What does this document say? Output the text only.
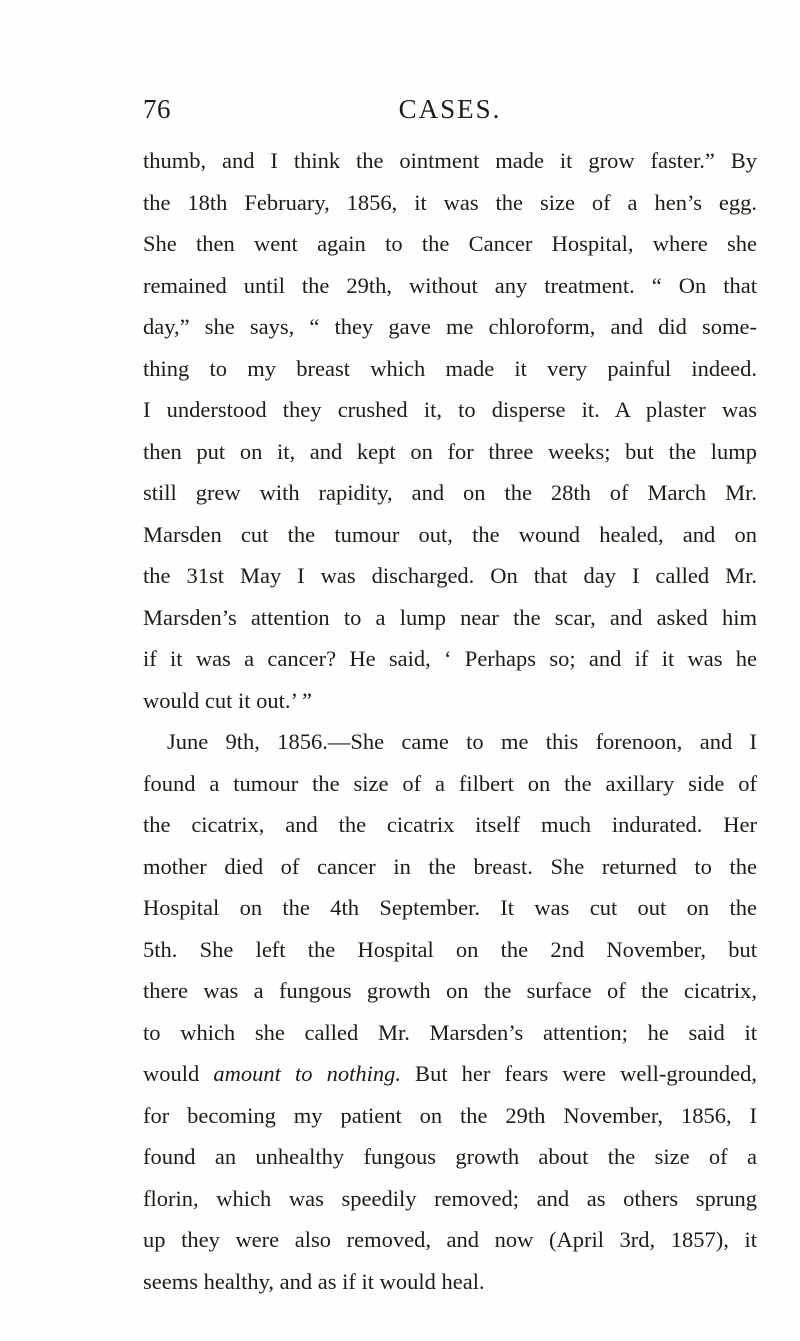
76	CASES.
thumb, and I think the ointment made it grow faster.” By
the 18th February, 1856, it was the size of a hen’s egg.
She then went again to the Cancer Hospital, where she
remained until the 29th, without any treatment. “ On that
day,” she says, “ they gave me chloroform, and did some-
thing to my breast which made it very painful indeed.
I understood they crushed it, to disperse it. A plaster was
then put on it, and kept on for three weeks; but the lump
still grew with rapidity, and on the 28th of March Mr.
Marsden cut the tumour out, the wound healed, and on
the 31st May I was discharged. On that day I called Mr.
Marsden’s attention to a lump near the scar, and asked him
if it was a cancer? He said, ‘ Perhaps so; and if it was he
would cut it out.’ ”
June 9th, 1856.—She came to me this forenoon, and I
found a tumour the size of a filbert on the axillary side of
the cicatrix, and the cicatrix itself much indurated. Her
mother died of cancer in the breast. She returned to the
Hospital on the 4th September. It was cut out on the
5th. She left the Hospital on the 2nd November, but
there was a fungous growth on the surface of the cicatrix,
to which she called Mr. Marsden’s attention; he said it
would amount to nothing. But her fears were well-grounded,
for becoming my patient on the 29th November, 1856, I
found an unhealthy fungous growth about the size of a
florin, which was speedily removed; and as others sprung
up they were also removed, and now (April 3rd, 1857), it
seems healthy, and as if it would heal.
